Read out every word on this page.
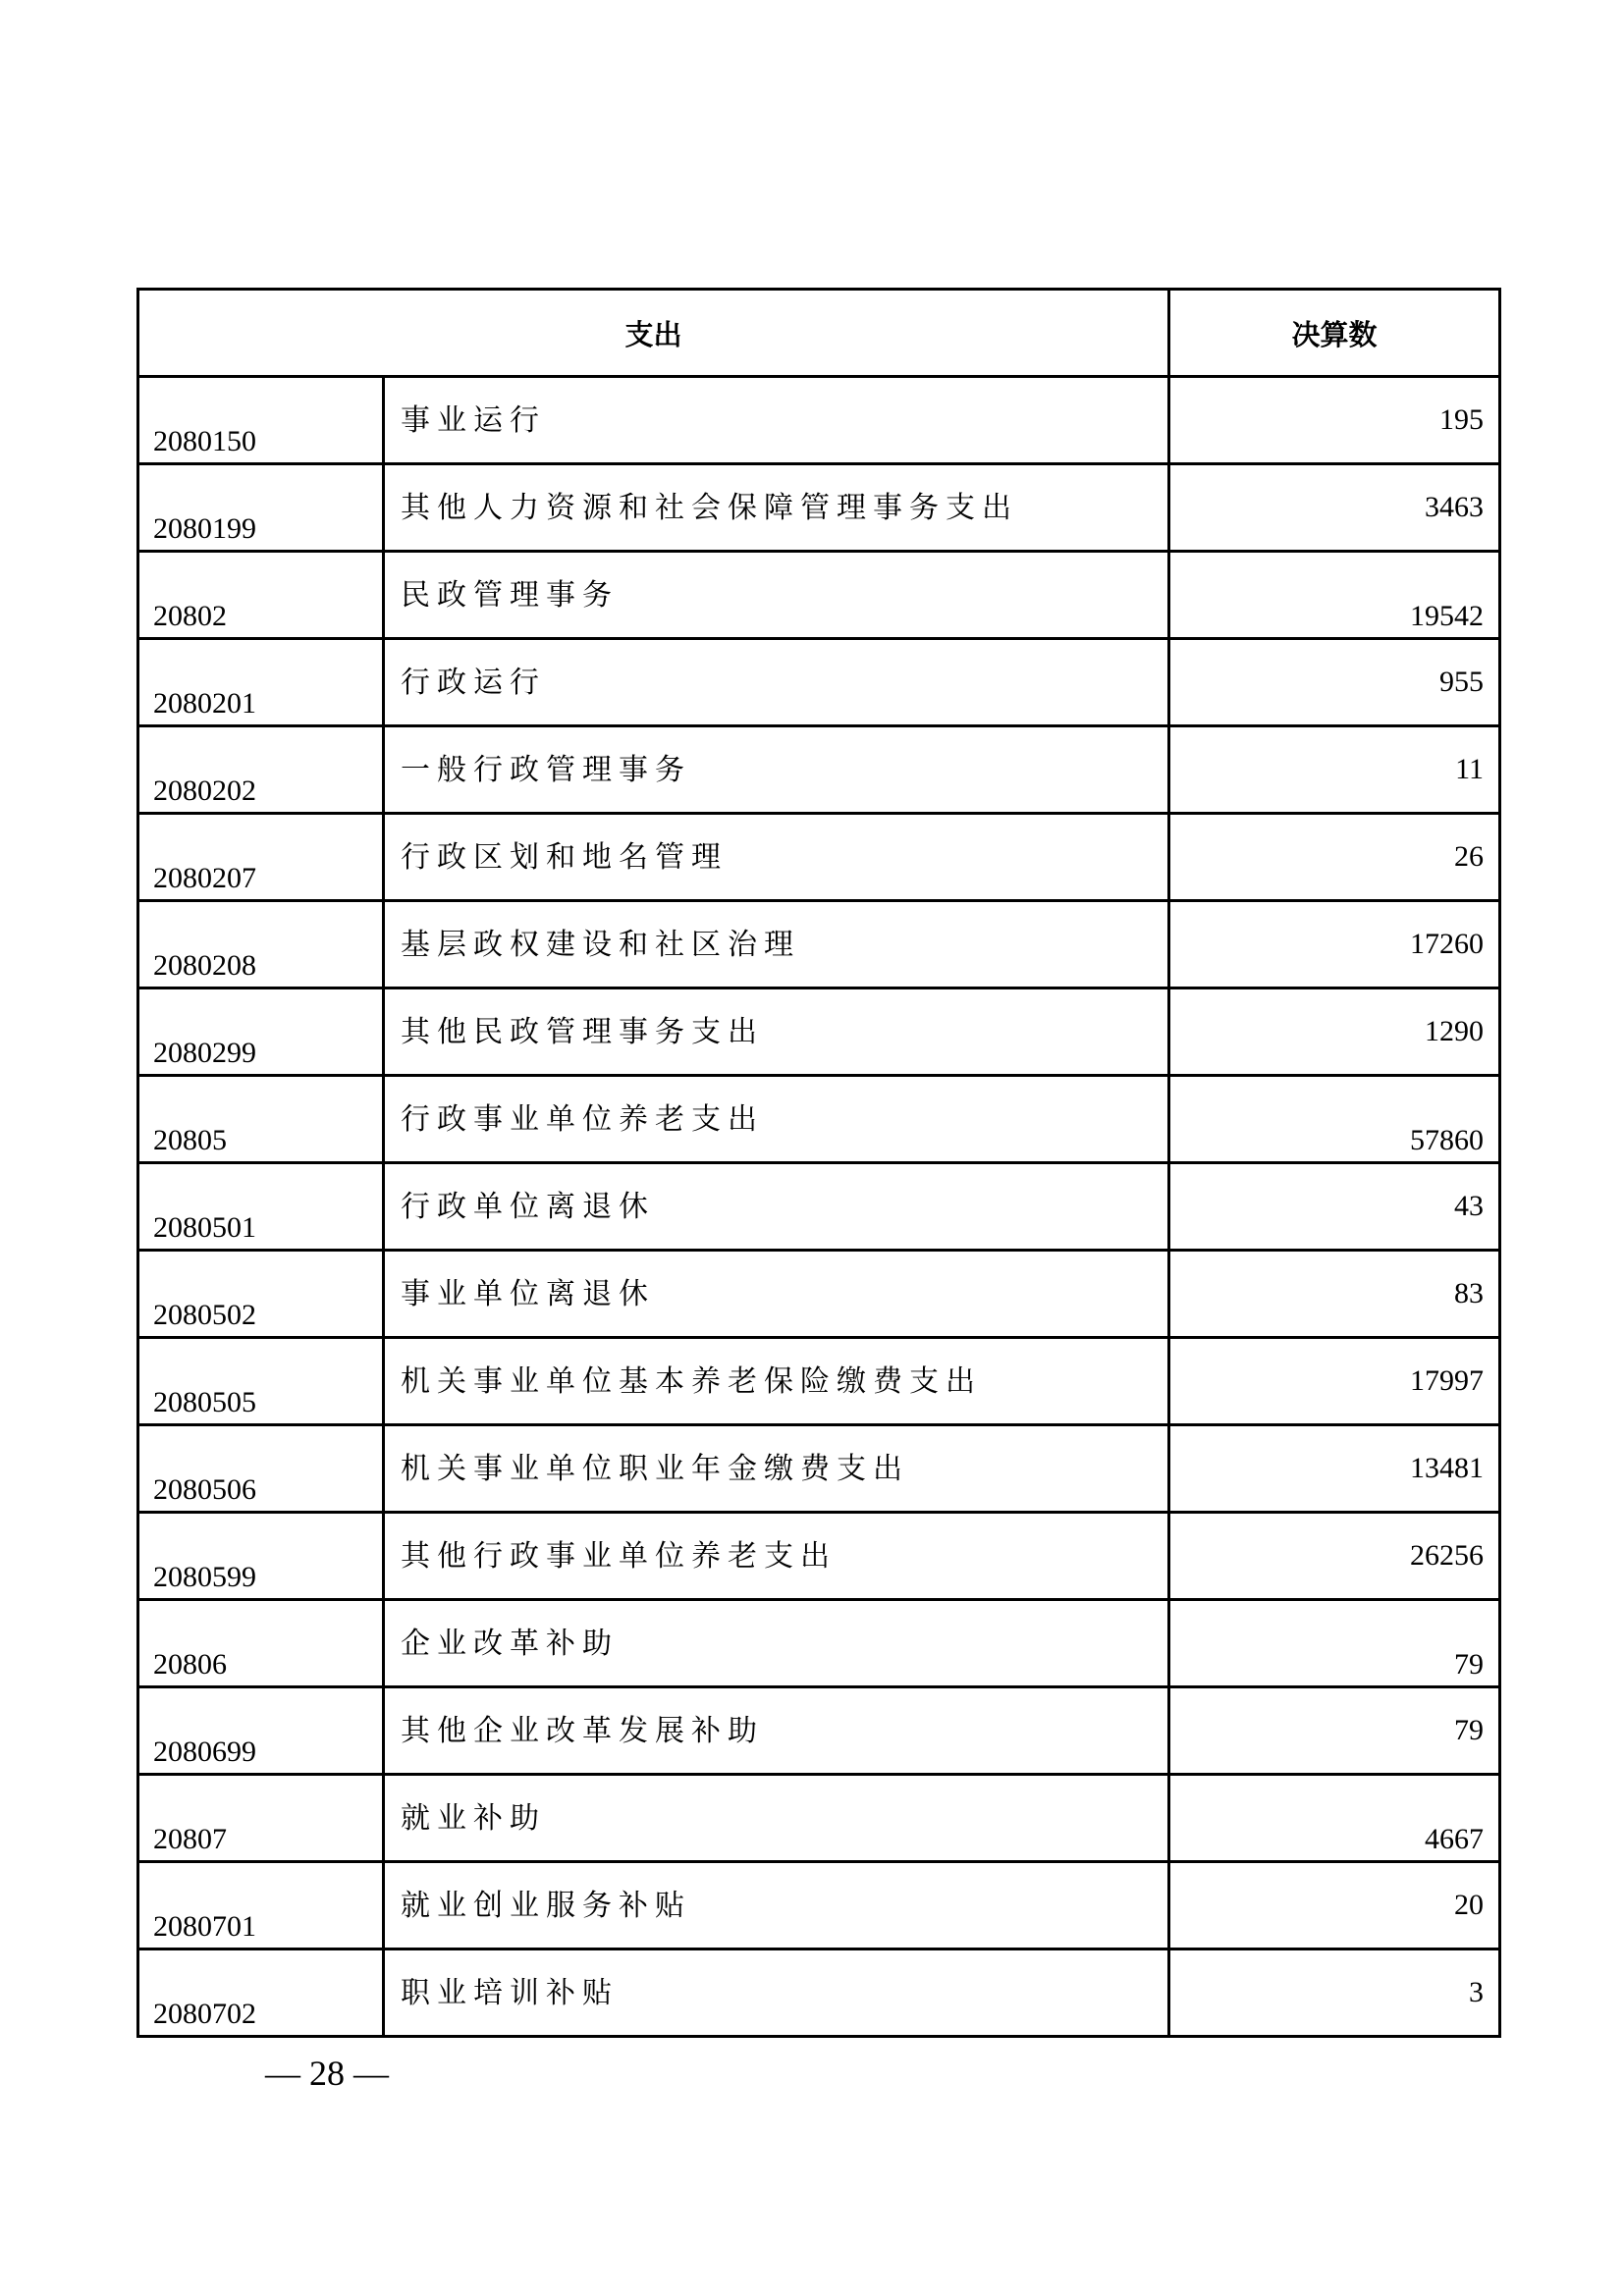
支出		决算数
2080150	事业运行	195
2080199	其他人力资源和社会保障管理事务支出	3463
20802	民政管理事务	19542
2080201	行政运行	955
2080202	一般行政管理事务	11
2080207	行政区划和地名管理	26
2080208	基层政权建设和社区治理	17260
2080299	其他民政管理事务支出	1290
20805	行政事业单位养老支出	57860
2080501	行政单位离退休	43
2080502	事业单位离退休	83
2080505	机关事业单位基本养老保险缴费支出	17997
2080506	机关事业单位职业年金缴费支出	13481
2080599	其他行政事业单位养老支出	26256
20806	企业改革补助	79
2080699	其他企业改革发展补助	79
20807	就业补助	4667
2080701	就业创业服务补贴	20
2080702	职业培训补贴	3
— 28 —
